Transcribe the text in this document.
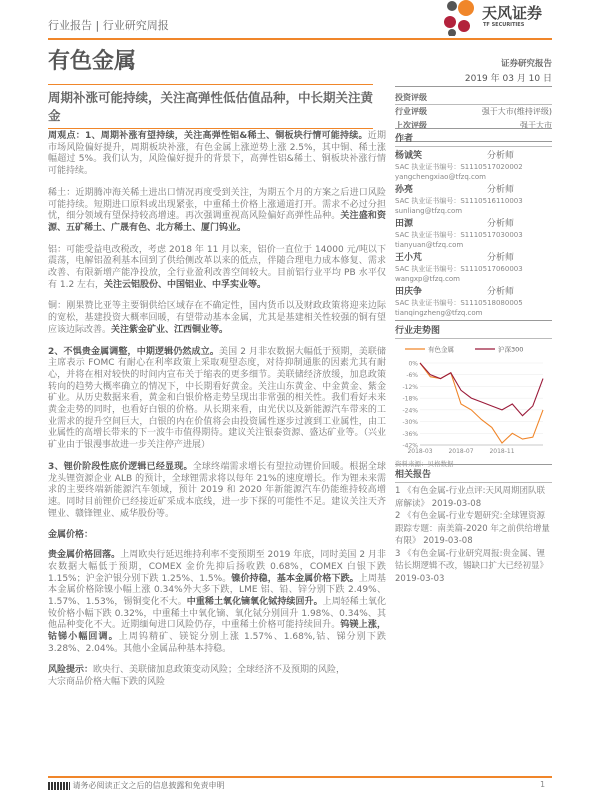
行业报告 | 行业研究周报
天风证券
TF SECURITIES
有色金属
周期补涨可能持续，关注高弹性低估值品种，中长期关注黄金
证券研究报告
2019 年 03 月 10 日
投资评级
行业评级	强于大市(维持评级)
上次评级	强于大市
作者
杨诚笑	分析师
SAC 执业证书编号：S1110517020002
yangchengxiao@tfzq.com
孙亮	分析师
SAC 执业证书编号：S1110516110003
sunliang@tfzq.com
田源	分析师
SAC 执业证书编号：S1110517030003
tianyuan@tfzq.com
王小芃	分析师
SAC 执业证书编号：S1110517060003
wangxp@tfzq.com
田庆争	分析师
SAC 执业证书编号：S1110518080005
tianqingzheng@tfzq.com
行业走势图
0%
-6%
-12%
-18%
-24%
-30%
-36%
-42%
2018-03	2018-07	2018-11
有色金属	沪深300
资料来源：贝格数据
相关报告
1 《有色金属-行业点评:天风周期团队联席解读》 2019-03-08
2 《有色金属-行业专题研究:全球锂资源跟踪专题：南美篇-2020 年之前供给增量有限》 2019-03-08
3 《有色金属-行业研究周报:贵金属、锂钴长期逻辑不改，锡缺口扩大已经初显》 2019-03-03

周观点：1、周期补涨有望持续，关注高弹性铝&稀土、铜板块行情可能持续。近期市场风险偏好提升，周期板块补涨，有色金属上涨逆势上涨 2.5%，其中铜、稀土涨幅超过 5%。我们认为，风险偏好提升的背景下，高弹性铝&稀土、铜板块补涨行情可能持续。

稀土：近期腾冲海关稀土进出口情况再度受到关注，为期五个月的方案之后进口风险可能持续。短期进口原料或出现紧张，中重稀土价格上涨通道打开。需求不必过分担忧，细分领域有望保持较高增速。再次强调重视高风险偏好高弹性品种。关注盛和资源、五矿稀土、广晟有色、北方稀土、厦门钨业。

铝：可能受益电改税改，考虑 2018 年 11 月以来，铝价一直位于 14000 元/吨以下震荡，电解铝盈利基本回到了供给侧改革以来的低点，伴随合理电力成本修复、需求改善、有限新增产能净投放，全行业盈利改善空间较大。目前铝行业平均 PB 水平仅有 1.2 左右，关注云铝股份、中国铝业、中孚实业等。

铜：刚果赞比亚等主要铜供给区域存在不确定性，国内货币以及财政政策将迎来边际的宽松，基建投资大概率回暖，有望带动基本金属，尤其是基建相关性较强的铜有望应该边际改善。关注紫金矿业、江西铜业等。

2、不惧贵金属调整，中期逻辑仍然成立。美国 2 月非农数据大幅低于预期，美联储主席表示 FOMC 有耐心在利率政策上采取观望态度，对待抑制通胀的因素尤其有耐心，并将在相对较快的时间内宣布关于缩表的更多细节。美联储经济放缓，加息政策转向的趋势大概率确立的情况下，中长期看好黄金。关注山东黄金、中金黄金、紫金矿业。从历史数据来看，黄金和白银价格走势呈现出非常强的相关性。我们看好未来黄金走势的同时，也看好白银的价格。从长期来看，由光伏以及新能源汽车带来的工业需求的提升空间巨大，白银的内在价值将会由投资属性逐步过渡到工业属性，由工业属性的高增长带来的下一波牛市值得期待。建议关注银泰资源、盛达矿业等。（兴业矿业由于银漫事故进一步关注停产进展）

3、锂价阶段性底价逻辑已经显现。全球终端需求增长有望拉动锂价回暖。根据全球龙头锂资源企业 ALB 的预计，全球锂需求将以每年 21%的速度增长。作为锂未来需求的主要终端新能源汽车领域，预计 2019 和 2020 年新能源汽车仍能维持较高增速。同时目前锂价已经接近矿采成本底线，进一步下探的可能性不足。建议关注天齐锂业、赣锋锂业、威华股份等。

金属价格：

贵金属价格回落。上周欧央行延迟维持利率不变预期至 2019 年底，同时美国 2 月非农数据大幅低于预期，COMEX 金价先抑后扬收跌 0.68%，COMEX 白银下跌 1.15%；沪金沪银分别下跌 1.25%、1.5%。镍价持稳，基本金属价格下跌。上周基本金属价格除镍小幅上涨 0.34%外大多下跌，LME 铝、铅、锌分别下跌 2.49%、1.57%、1.53%，锡铜变化不大。中重稀土氧化镝氧化铽持续回升。上周轻稀土氧化钕价格小幅下跌 0.32%，中重稀土中氧化镝、氧化铽分别回升 1.98%、0.34%、其他品种变化不大。近期缅甸进口风险仍存，中重稀土价格可能持续回升。钨镁上涨，钴锑小幅回调。上周钨精矿、镁锭分别上涨 1.57%、1.68%,钴、锑分别下跌 3.28%、2.04%。其他小金属品种基本持稳。

风险提示：欧央行、美联储加息政策变动风险；全球经济不及预期的风险，大宗商品价格大幅下跌的风险

请务必阅读正文之后的信息披露和免责申明	1
